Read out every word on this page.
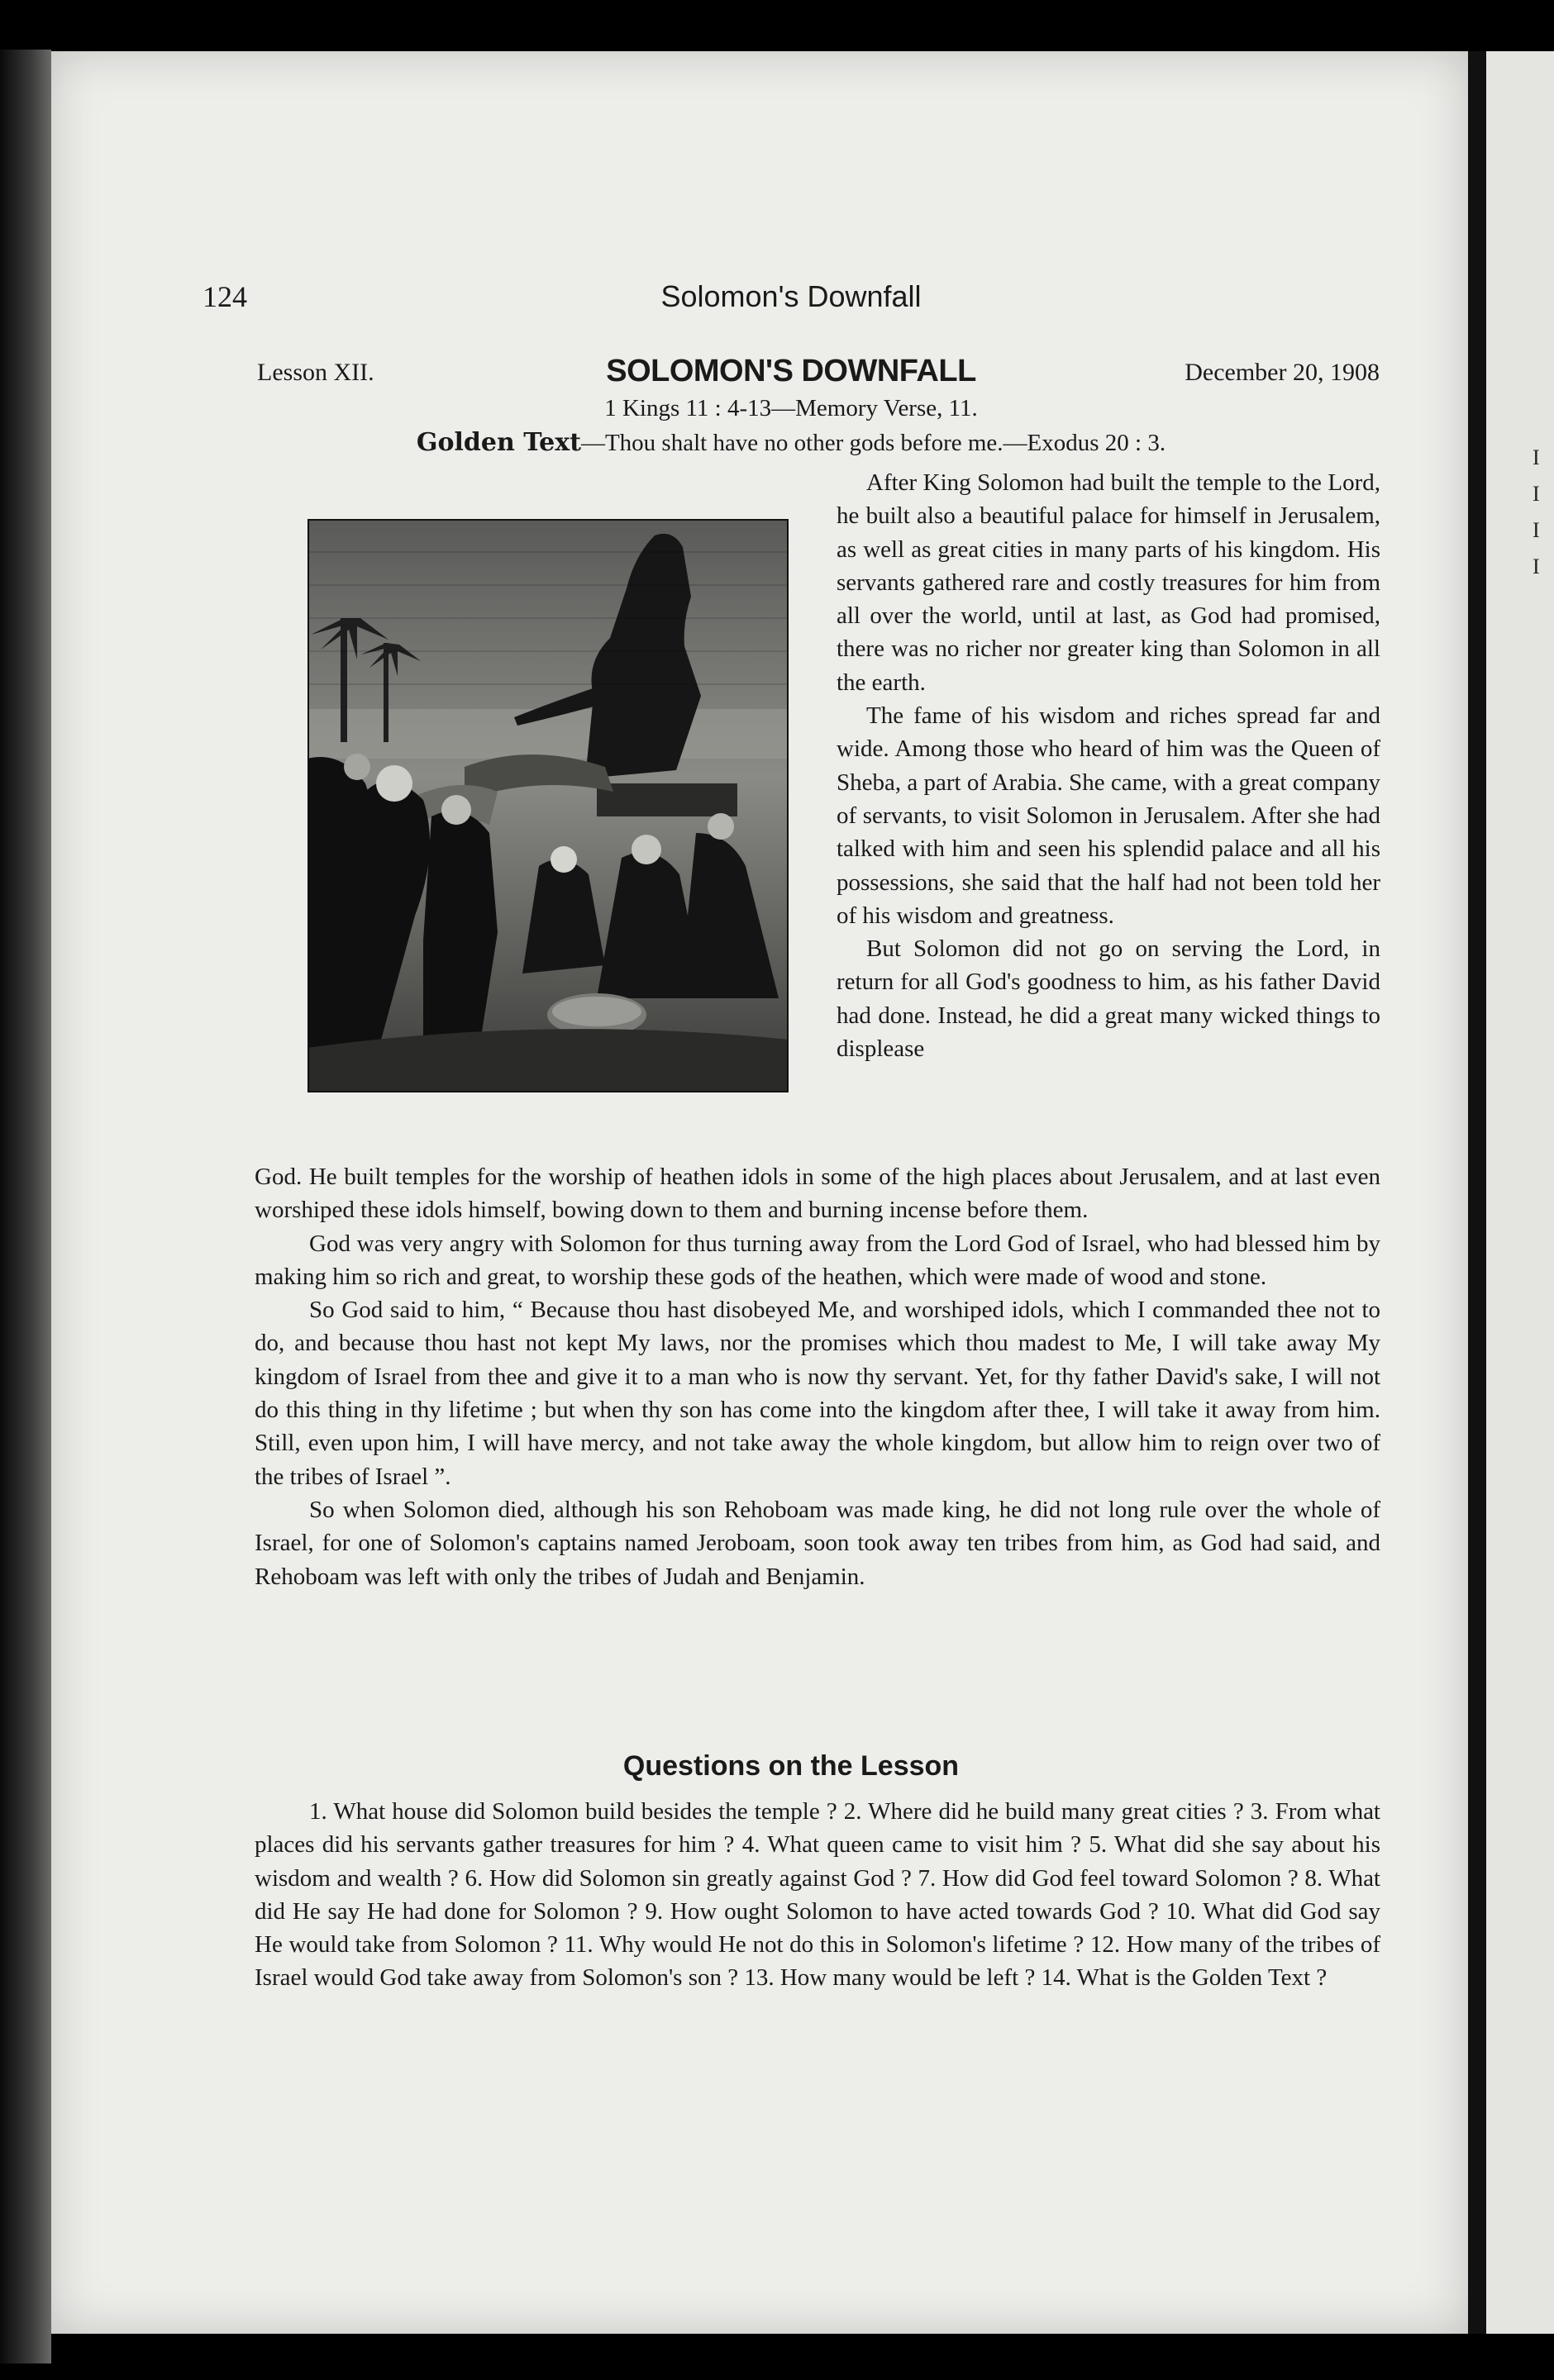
I
I
I
I
124	Solomon's Downfall
Lesson XII.	SOLOMON'S DOWNFALL	December 20, 1908
1 Kings 11 : 4-13—Memory Verse, 11.
Golden Text—Thou shalt have no other gods before me.—Exodus 20 : 3.

After King Solomon had built the temple to the Lord, he built also a beautiful palace for himself in Jerusalem, as well as great cities in many parts of his kingdom. His servants gathered rare and costly treasures for him from all over the world, until at last, as God had promised, there was no richer nor greater king than Solomon in all the earth.

The fame of his wisdom and riches spread far and wide. Among those who heard of him was the Queen of Sheba, a part of Arabia. She came, with a great company of servants, to visit Solomon in Jerusalem. After she had talked with him and seen his splendid palace and all his possessions, she said that the half had not been told her of his wisdom and greatness.

But Solomon did not go on serving the Lord, in return for all God's goodness to him, as his father David had done. Instead, he did a great many wicked things to displease

God. He built temples for the worship of heathen idols in some of the high places about Jerusalem, and at last even worshiped these idols himself, bowing down to them and burning incense before them.

God was very angry with Solomon for thus turning away from the Lord God of Israel, who had blessed him by making him so rich and great, to worship these gods of the heathen, which were made of wood and stone.

So God said to him, “ Because thou hast disobeyed Me, and worshiped idols, which I commanded thee not to do, and because thou hast not kept My laws, nor the promises which thou madest to Me, I will take away My kingdom of Israel from thee and give it to a man who is now thy servant. Yet, for thy father David's sake, I will not do this thing in thy lifetime ; but when thy son has come into the kingdom after thee, I will take it away from him. Still, even upon him, I will have mercy, and not take away the whole kingdom, but allow him to reign over two of the tribes of Israel ”.

So when Solomon died, although his son Rehoboam was made king, he did not long rule over the whole of Israel, for one of Solomon's captains named Jeroboam, soon took away ten tribes from him, as God had said, and Rehoboam was left with only the tribes of Judah and Benjamin.

Questions on the Lesson

1. What house did Solomon build besides the temple ? 2. Where did he build many great cities ? 3. From what places did his servants gather treasures for him ? 4. What queen came to visit him ? 5. What did she say about his wisdom and wealth ? 6. How did Solomon sin greatly against God ? 7. How did God feel toward Solomon ? 8. What did He say He had done for Solomon ? 9. How ought Solomon to have acted towards God ? 10. What did God say He would take from Solomon ? 11. Why would He not do this in Solomon's lifetime ? 12. How many of the tribes of Israel would God take away from Solomon's son ? 13. How many would be left ? 14. What is the Golden Text ?
